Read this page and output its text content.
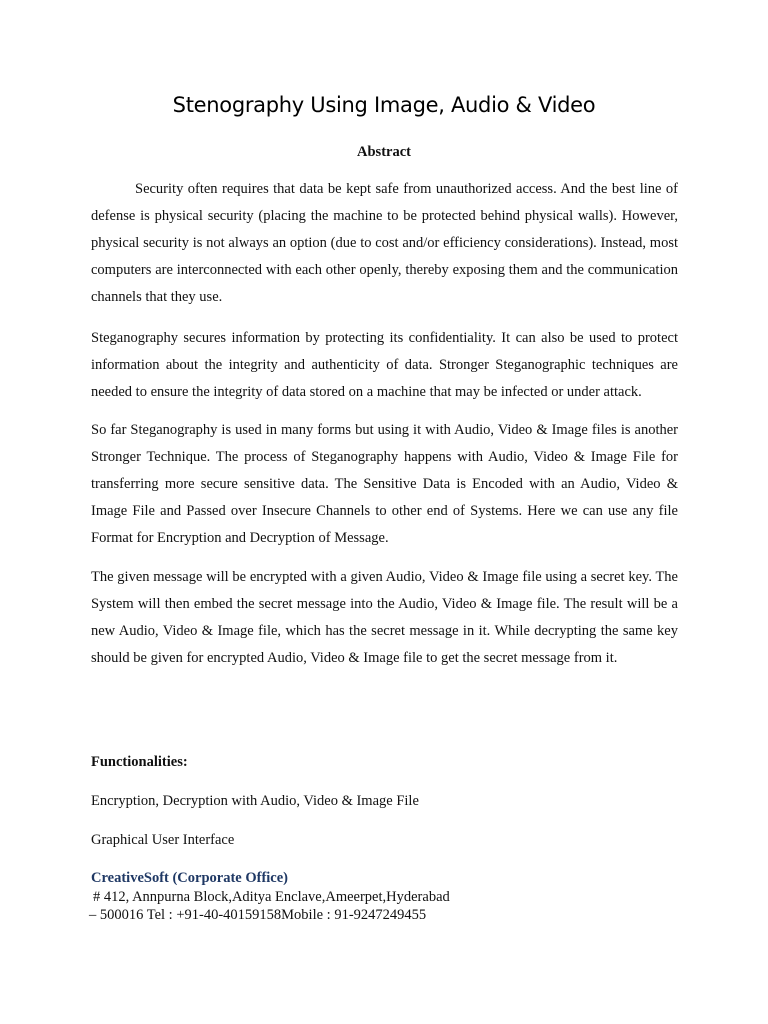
Stenography Using Image, Audio & Video
Abstract

Security often requires that data be kept safe from unauthorized access. And the best line of defense is physical security (placing the machine to be protected behind physical walls). However, physical security is not always an option (due to cost and/or efficiency considerations). Instead, most computers are interconnected with each other openly, thereby exposing them and the communication channels that they use.

Steganography secures information by protecting its confidentiality. It can also be used to protect information about the integrity and authenticity of data. Stronger Steganographic techniques are needed to ensure the integrity of data stored on a machine that may be infected or under attack.

So far Steganography is used in many forms but using it with Audio, Video & Image files is another Stronger Technique. The process of Steganography happens with Audio, Video & Image File for transferring more secure sensitive data. The Sensitive Data is Encoded with an Audio, Video & Image File and Passed over Insecure Channels to other end of Systems. Here we can use any file Format for Encryption and Decryption of Message.

The given message will be encrypted with a given Audio, Video & Image file using a secret key. The System will then embed the secret message into the Audio, Video & Image file. The result will be a new Audio, Video & Image file, which has the secret message in it. While decrypting the same key should be given for encrypted Audio, Video & Image file to get the secret message from it.

Functionalities:

Encryption, Decryption with Audio, Video & Image File

Graphical User Interface

CreativeSoft (Corporate Office)

# 412, Annpurna Block,Aditya Enclave,Ameerpet,Hyderabad

– 500016 Tel : +91-40-40159158Mobile : 91-9247249455
